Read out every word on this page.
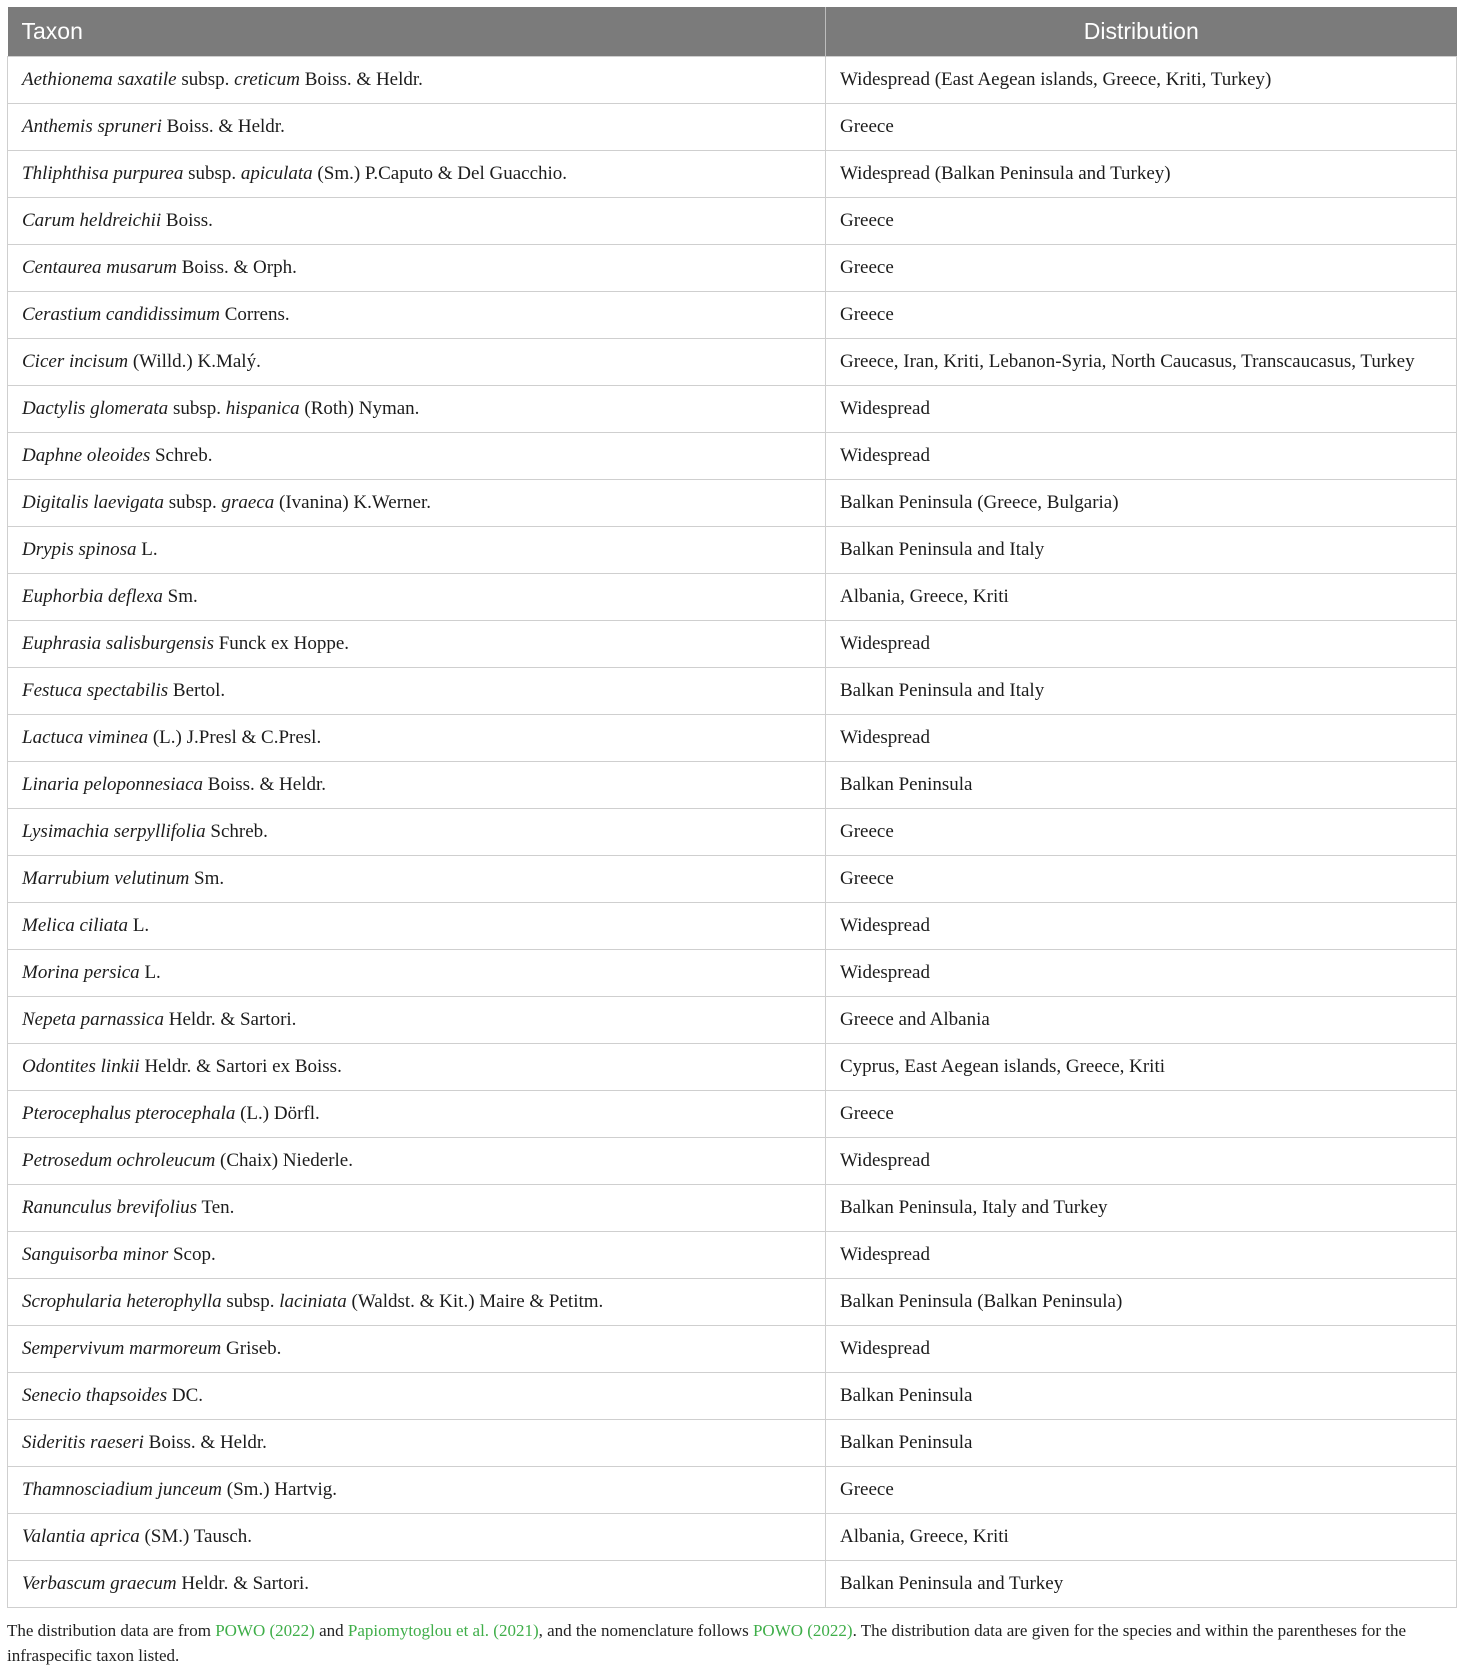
Taxon	Distribution
Aethionema saxatile subsp. creticum Boiss. & Heldr.	Widespread (East Aegean islands, Greece, Kriti, Turkey)
Anthemis spruneri Boiss. & Heldr.	Greece
Thliphthisa purpurea subsp. apiculata (Sm.) P.Caputo & Del Guacchio.	Widespread (Balkan Peninsula and Turkey)
Carum heldreichii Boiss.	Greece
Centaurea musarum Boiss. & Orph.	Greece
Cerastium candidissimum Correns.	Greece
Cicer incisum (Willd.) K.Malý.	Greece, Iran, Kriti, Lebanon-Syria, North Caucasus, Transcaucasus, Turkey
Dactylis glomerata subsp. hispanica (Roth) Nyman.	Widespread
Daphne oleoides Schreb.	Widespread
Digitalis laevigata subsp. graeca (Ivanina) K.Werner.	Balkan Peninsula (Greece, Bulgaria)
Drypis spinosa L.	Balkan Peninsula and Italy
Euphorbia deflexa Sm.	Albania, Greece, Kriti
Euphrasia salisburgensis Funck ex Hoppe.	Widespread
Festuca spectabilis Bertol.	Balkan Peninsula and Italy
Lactuca viminea (L.) J.Presl & C.Presl.	Widespread
Linaria peloponnesiaca Boiss. & Heldr.	Balkan Peninsula
Lysimachia serpyllifolia Schreb.	Greece
Marrubium velutinum Sm.	Greece
Melica ciliata L.	Widespread
Morina persica L.	Widespread
Nepeta parnassica Heldr. & Sartori.	Greece and Albania
Odontites linkii Heldr. & Sartori ex Boiss.	Cyprus, East Aegean islands, Greece, Kriti
Pterocephalus pterocephala (L.) Dörfl.	Greece
Petrosedum ochroleucum (Chaix) Niederle.	Widespread
Ranunculus brevifolius Ten.	Balkan Peninsula, Italy and Turkey
Sanguisorba minor Scop.	Widespread
Scrophularia heterophylla subsp. laciniata (Waldst. & Kit.) Maire & Petitm.	Balkan Peninsula (Balkan Peninsula)
Sempervivum marmoreum Griseb.	Widespread
Senecio thapsoides DC.	Balkan Peninsula
Sideritis raeseri Boiss. & Heldr.	Balkan Peninsula
Thamnosciadium junceum (Sm.) Hartvig.	Greece
Valantia aprica (SM.) Tausch.	Albania, Greece, Kriti
Verbascum graecum Heldr. & Sartori.	Balkan Peninsula and Turkey
The distribution data are from POWO (2022) and Papiomytoglou et al. (2021), and the nomenclature follows POWO (2022). The distribution data are given for the species and within the parentheses for the infraspecific taxon listed.
